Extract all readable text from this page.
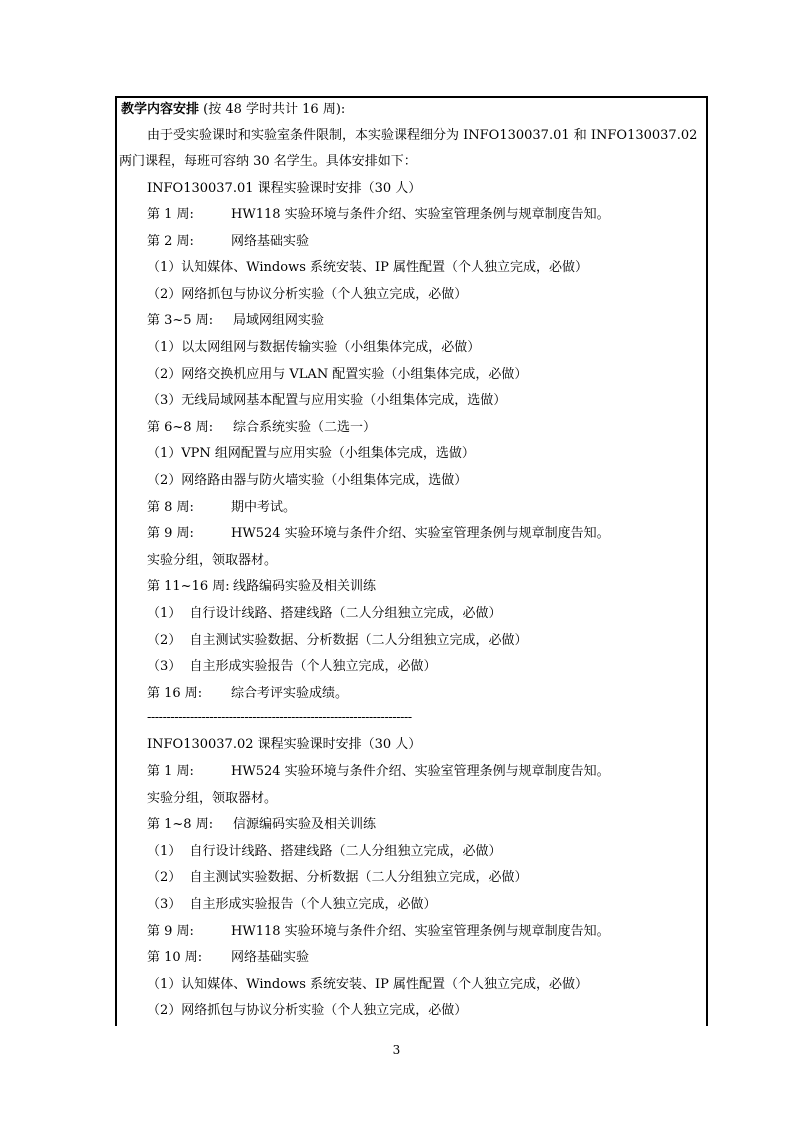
教学内容安排 (按 48 学时共计 16 周):
由于受实验课时和实验室条件限制，本实验课程细分为 INFO130037.01 和 INFO130037.02
两门课程，每班可容纳 30 名学生。具体安排如下：
INFO130037.01 课程实验课时安排（30 人）
第 1 周:	HW118 实验环境与条件介绍、实验室管理条例与规章制度告知。
第 2 周:	网络基础实验
（1）认知媒体、Windows 系统安装、IP 属性配置（个人独立完成，必做）
（2）网络抓包与协议分析实验（个人独立完成，必做）
第 3~5 周: 局域网组网实验
（1）以太网组网与数据传输实验（小组集体完成，必做）
（2）网络交换机应用与 VLAN 配置实验（小组集体完成，必做）
（3）无线局域网基本配置与应用实验（小组集体完成，选做）
第 6~8 周: 综合系统实验（二选一）
（1）VPN 组网配置与应用实验（小组集体完成，选做）
（2）网络路由器与防火墙实验（小组集体完成，选做）
第 8 周:	期中考试。
第 9 周:	HW524 实验环境与条件介绍、实验室管理条例与规章制度告知。
实验分组，领取器材。
第 11~16 周: 线路编码实验及相关训练
（1）  自行设计线路、搭建线路（二人分组独立完成，必做）
（2）  自主测试实验数据、分析数据（二人分组独立完成，必做）
（3）  自主形成实验报告（个人独立完成，必做）
第 16 周: 综合考评实验成绩。
--------------------------------------------------------------------
INFO130037.02 课程实验课时安排（30 人）
第 1 周:	HW524 实验环境与条件介绍、实验室管理条例与规章制度告知。
实验分组，领取器材。
第 1~8 周: 信源编码实验及相关训练
（1）  自行设计线路、搭建线路（二人分组独立完成，必做）
（2）  自主测试实验数据、分析数据（二人分组独立完成，必做）
（3）  自主形成实验报告（个人独立完成，必做）
第 9 周:	HW118 实验环境与条件介绍、实验室管理条例与规章制度告知。
第 10 周: 网络基础实验
（1）认知媒体、Windows 系统安装、IP 属性配置（个人独立完成，必做）
（2）网络抓包与协议分析实验（个人独立完成，必做）
3
